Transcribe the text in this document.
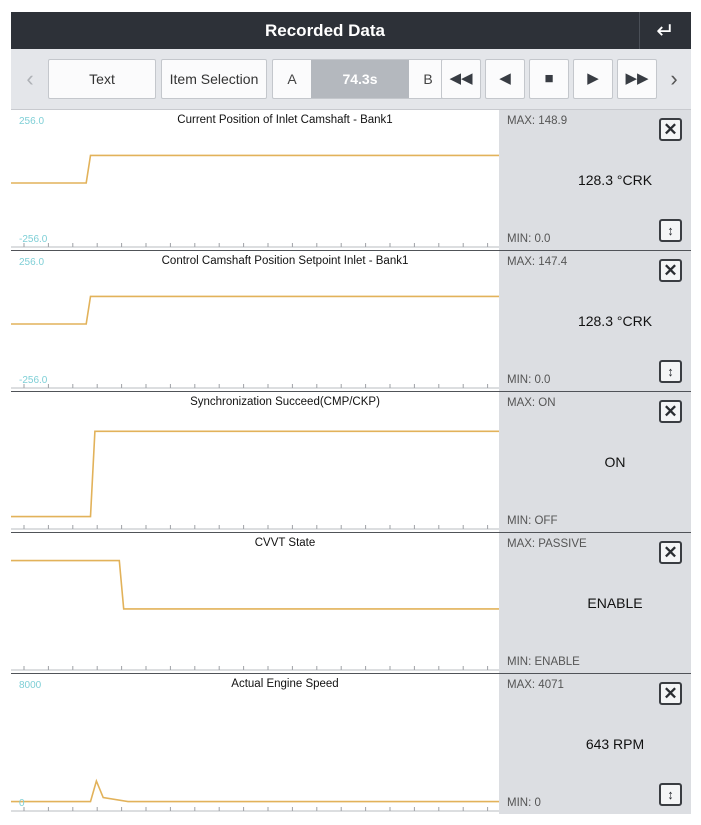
Recorded Data	↵
‹	Text	Item Selection	A	74.3s	B	◀◀	◀	■	▶	▶▶ ›
256.0	Current Position of Inlet Camshaft - Bank1
-256.0
MAX: 148.9
128.3 °CRK
MIN: 0.0
✕
↕
256.0	Control Camshaft Position Setpoint Inlet - Bank1
-256.0
MAX: 147.4
128.3 °CRK
MIN: 0.0
✕
↕
Synchronization Succeed(CMP/CKP)	MAX: ON
ON
MIN: OFF
✕
CVVT State	MAX: PASSIVE
ENABLE
MIN: ENABLE
✕
8000	Actual Engine Speed
0
MAX: 4071
643 RPM
MIN: 0
✕
↕
